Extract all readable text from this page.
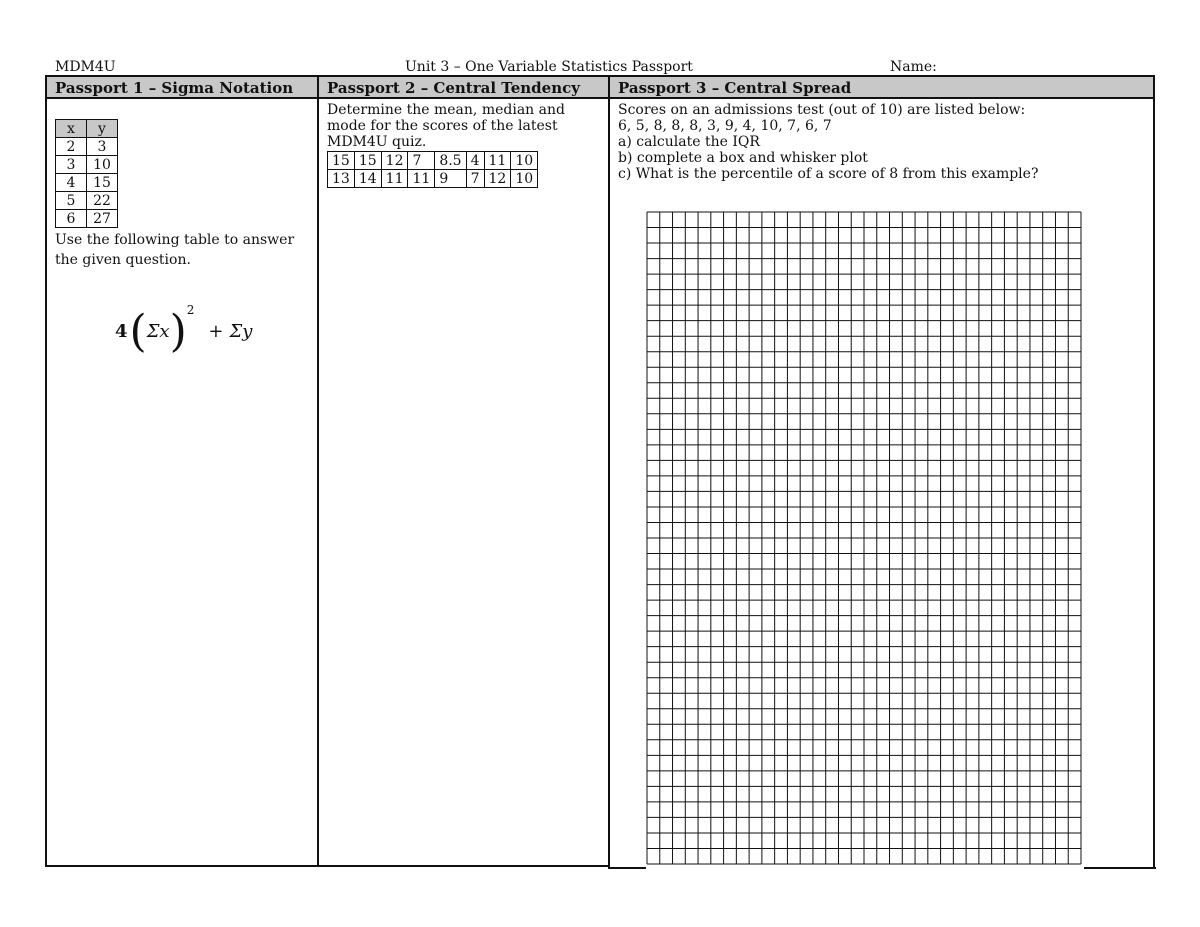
MDM4U	Unit 3 – One Variable Statistics Passport	Name:
Passport 1 – Sigma Notation
x	y
2	3
3	10
4	15
5	22
6	27

Use the following table to answer the given question.

4 ( Σx ) 2
+ Σy
Passport 2 – Central Tendency

Determine the mean, median and mode for the scores of the latest MDM4U quiz.

15	15	12	7	8.5	4	11	10
13	14	11	11	9	7	12	10
Passport 3 – Central Spread

Scores on an admissions test (out of 10) are listed below:

6, 5, 8, 8, 8, 3, 9, 4, 10, 7, 6, 7

a) calculate the IQR

b) complete a box and whisker plot

c) What is the percentile of a score of 8 from this example?
